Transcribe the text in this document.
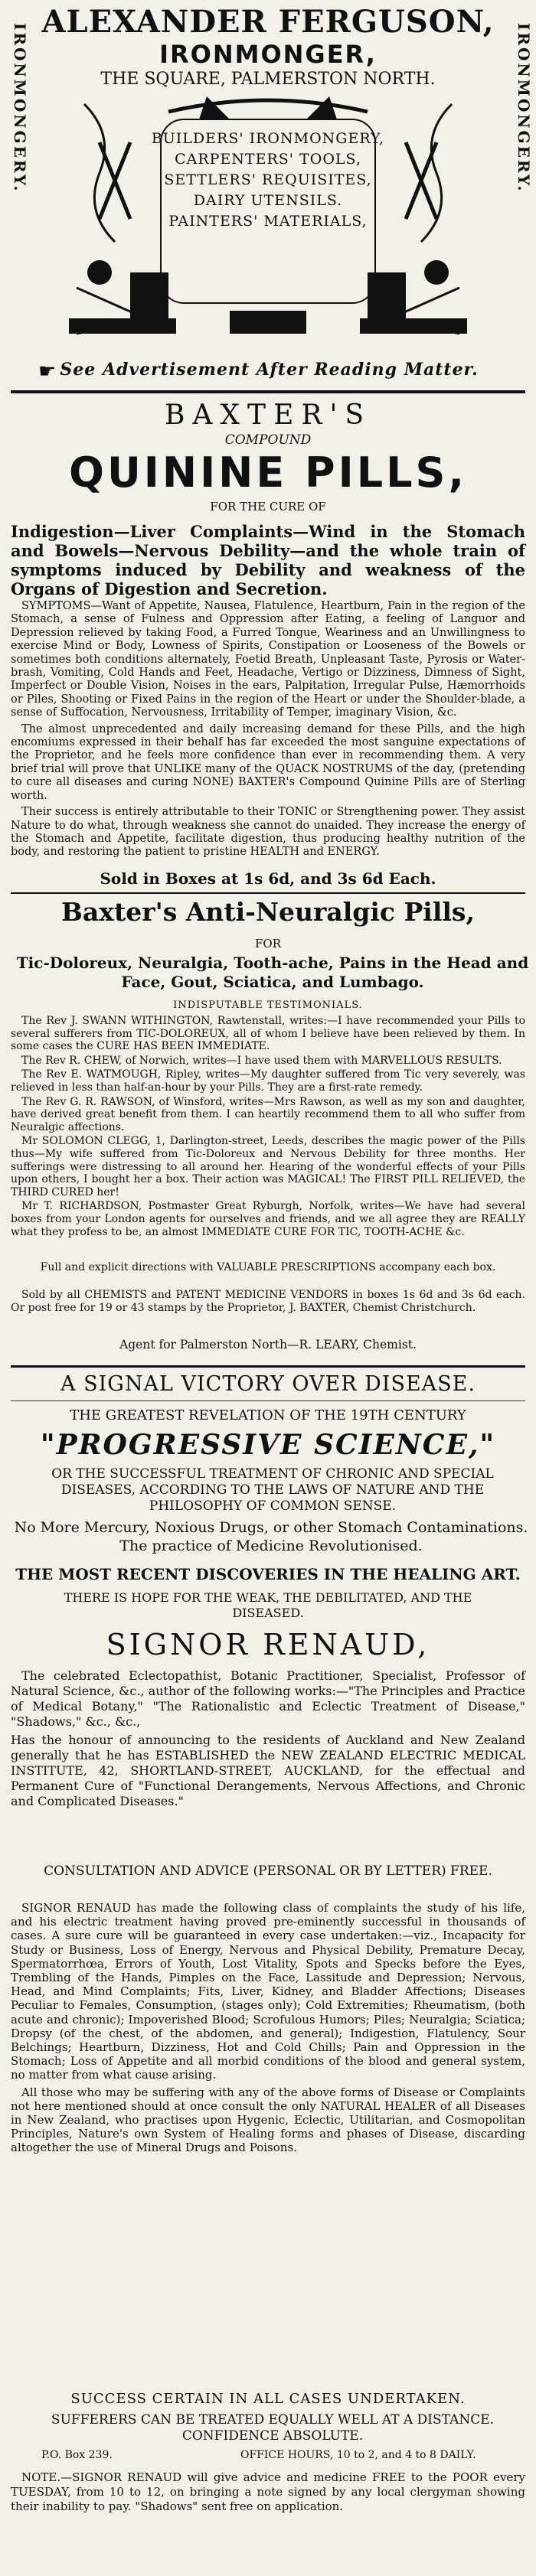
IRONMONGERY.	IRONMONGERY.
ALEXANDER FERGUSON,
IRONMONGER,
THE SQUARE, PALMERSTON NORTH.
BUILDERS' IRONMONGERY,
CARPENTERS' TOOLS,
SETTLERS' REQUISITES,
DAIRY UTENSILS.
PAINTERS' MATERIALS,
☛ See Advertisement After Reading Matter.
BAXTER'S
COMPOUND
QUININE PILLS,
FOR THE CURE OF
Indigestion—Liver Complaints—Wind in the Stomach and Bowels—Nervous Debility—and the whole train of symptoms induced by Debility and weakness of the Organs of Digestion and Secretion.

SYMPTOMS—Want of Appetite, Nausea, Flatulence, Heartburn, Pain in the region of the Stomach, a sense of Fulness and Oppression after Eating, a feeling of Languor and Depression relieved by taking Food, a Furred Tongue, Weariness and an Unwillingness to exercise Mind or Body, Lowness of Spirits, Constipation or Looseness of the Bowels or sometimes both conditions alternately, Foetid Breath, Unpleasant Taste, Pyrosis or Water-brash, Vomiting, Cold Hands and Feet, Headache, Vertigo or Dizziness, Dimness of Sight, Imperfect or Double Vision, Noises in the ears, Palpitation, Irregular Pulse, Hæmorrhoids or Piles, Shooting or Fixed Pains in the region of the Heart or under the Shoulder-blade, a sense of Suffocation, Nervousness, Irritability of Temper, imaginary Vision, &c.

The almost unprecedented and daily increasing demand for these Pills, and the high encomiums expressed in their behalf has far exceeded the most sanguine expectations of the Proprietor, and he feels more confidence than ever in recommending them. A very brief trial will prove that UNLIKE many of the QUACK NOSTRUMS of the day, (pretending to cure all diseases and curing NONE) BAXTER's Compound Quinine Pills are of Sterling worth.

Their success is entirely attributable to their TONIC or Strengthening power. They assist Nature to do what, through weakness she cannot do unaided. They increase the energy of the Stomach and Appetite, facilitate digestion, thus producing healthy nutrition of the body, and restoring the patient to pristine HEALTH and ENERGY.

Sold in Boxes at 1s 6d, and 3s 6d Each.
Baxter's Anti-Neuralgic Pills,
FOR
Tic-Doloreux, Neuralgia, Tooth-ache, Pains in the Head and Face, Gout, Sciatica, and Lumbago.
INDISPUTABLE TESTIMONIALS.

The Rev J. SWANN WITHINGTON, Rawtenstall, writes:—I have recommended your Pills to several sufferers from TIC-DOLOREUX, all of whom I believe have been relieved by them. In some cases the CURE HAS BEEN IMMEDIATE.

The Rev R. CHEW, of Norwich, writes—I have used them with MARVELLOUS RESULTS.

The Rev E. WATMOUGH, Ripley, writes—My daughter suffered from Tic very severely, was relieved in less than half-an-hour by your Pills. They are a first-rate remedy.

The Rev G. R. RAWSON, of Winsford, writes—Mrs Rawson, as well as my son and daughter, have derived great benefit from them. I can heartily recommend them to all who suffer from Neuralgic affections.

Mr SOLOMON CLEGG, 1, Darlington-street, Leeds, describes the magic power of the Pills thus—My wife suffered from Tic-Doloreux and Nervous Debility for three months. Her sufferings were distressing to all around her. Hearing of the wonderful effects of your Pills upon others, I bought her a box. Their action was MAGICAL! The FIRST PILL RELIEVED, the THIRD CURED her!

Mr T. RICHARDSON, Postmaster Great Ryburgh, Norfolk, writes—We have had several boxes from your London agents for ourselves and friends, and we all agree they are REALLY what they profess to be, an almost IMMEDIATE CURE FOR TIC, TOOTH-ACHE &c.

Full and explicit directions with VALUABLE PRESCRIPTIONS accompany each box.
Sold by all CHEMISTS and PATENT MEDICINE VENDORS in boxes 1s 6d and 3s 6d each. Or post free for 19 or 43 stamps by the Proprietor, J. BAXTER, Chemist Christchurch.
Agent for Palmerston North—R. LEARY, Chemist.
A SIGNAL VICTORY OVER DISEASE.
THE GREATEST REVELATION OF THE 19TH CENTURY
"PROGRESSIVE SCIENCE,"
OR THE SUCCESSFUL TREATMENT OF CHRONIC AND SPECIAL DISEASES, ACCORDING TO THE LAWS OF NATURE AND THE PHILOSOPHY OF COMMON SENSE.
No More Mercury, Noxious Drugs, or other Stomach Contaminations. The practice of Medicine Revolutionised.
THE MOST RECENT DISCOVERIES IN THE HEALING ART.
THERE IS HOPE FOR THE WEAK, THE DEBILITATED, AND THE DISEASED.
SIGNOR RENAUD,

The celebrated Eclectopathist, Botanic Practitioner, Specialist, Professor of Natural Science, &c., author of the following works:—"The Principles and Practice of Medical Botany," "The Rationalistic and Eclectic Treatment of Disease," "Shadows," &c., &c.,

Has the honour of announcing to the residents of Auckland and New Zealand generally that he has ESTABLISHED the NEW ZEALAND ELECTRIC MEDICAL INSTITUTE, 42, SHORTLAND-STREET, AUCKLAND, for the effectual and Permanent Cure of "Functional Derangements, Nervous Affections, and Chronic and Complicated Diseases."

CONSULTATION AND ADVICE (PERSONAL OR BY LETTER) FREE.

SIGNOR RENAUD has made the following class of complaints the study of his life, and his electric treatment having proved pre-eminently successful in thousands of cases. A sure cure will be guaranteed in every case undertaken:—viz., Incapacity for Study or Business, Loss of Energy, Nervous and Physical Debility, Premature Decay, Spermatorrhœa, Errors of Youth, Lost Vitality, Spots and Specks before the Eyes, Trembling of the Hands, Pimples on the Face, Lassitude and Depression; Nervous, Head, and Mind Complaints; Fits, Liver, Kidney, and Bladder Affections; Diseases Peculiar to Females, Consumption, (stages only); Cold Extremities; Rheumatism, (both acute and chronic); Impoverished Blood; Scrofulous Humors; Piles; Neuralgia; Sciatica; Dropsy (of the chest, of the abdomen, and general); Indigestion, Flatulency, Sour Belchings; Heartburn, Dizziness, Hot and Cold Chills; Pain and Oppression in the Stomach; Loss of Appetite and all morbid conditions of the blood and general system, no matter from what cause arising.

All those who may be suffering with any of the above forms of Disease or Complaints not here mentioned should at once consult the only NATURAL HEALER of all Diseases in New Zealand, who practises upon Hygenic, Eclectic, Utilitarian, and Cosmopolitan Principles, Nature's own System of Healing forms and phases of Disease, discarding altogether the use of Mineral Drugs and Poisons.

SUCCESS CERTAIN IN ALL CASES UNDERTAKEN.
SUFFERERS CAN BE TREATED EQUALLY WELL AT A DISTANCE. CONFIDENCE ABSOLUTE.
P.O. Box 239.	OFFICE HOURS, 10 to 2, and 4 to 8 DAILY.
NOTE.—SIGNOR RENAUD will give advice and medicine FREE to the POOR every TUESDAY, from 10 to 12, on bringing a note signed by any local clergyman showing their inability to pay. "Shadows" sent free on application.
